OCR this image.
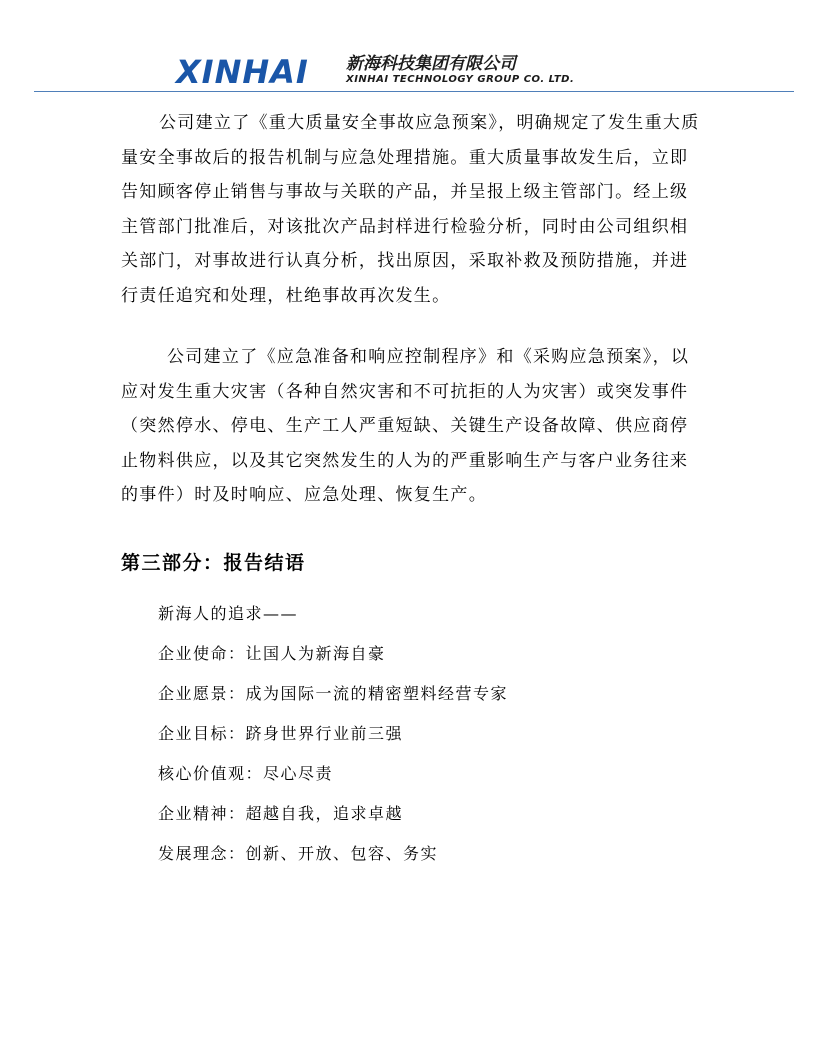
XINHAI 新海科技集团有限公司
XINHAI TECHNOLOGY GROUP CO. LTD.

公司建立了《重大质量安全事故应急预案》，明确规定了发生重大质量安全事故后的报告机制与应急处理措施。重大质量事故发生后，立即告知顾客停止销售与事故与关联的产品，并呈报上级主管部门。经上级主管部门批准后，对该批次产品封样进行检验分析，同时由公司组织相关部门，对事故进行认真分析，找出原因，采取补救及预防措施，并进行责任追究和处理，杜绝事故再次发生。

公司建立了《应急准备和响应控制程序》和《采购应急预案》，以应对发生重大灾害（各种自然灾害和不可抗拒的人为灾害）或突发事件（突然停水、停电、生产工人严重短缺、关键生产设备故障、供应商停止物料供应，以及其它突然发生的人为的严重影响生产与客户业务往来的事件）时及时响应、应急处理、恢复生产。

第三部分：报告结语
新海人的追求——
企业使命：让国人为新海自豪
企业愿景：成为国际一流的精密塑料经营专家
企业目标：跻身世界行业前三强
核心价值观：尽心尽责
企业精神：超越自我，追求卓越
发展理念：创新、开放、包容、务实
